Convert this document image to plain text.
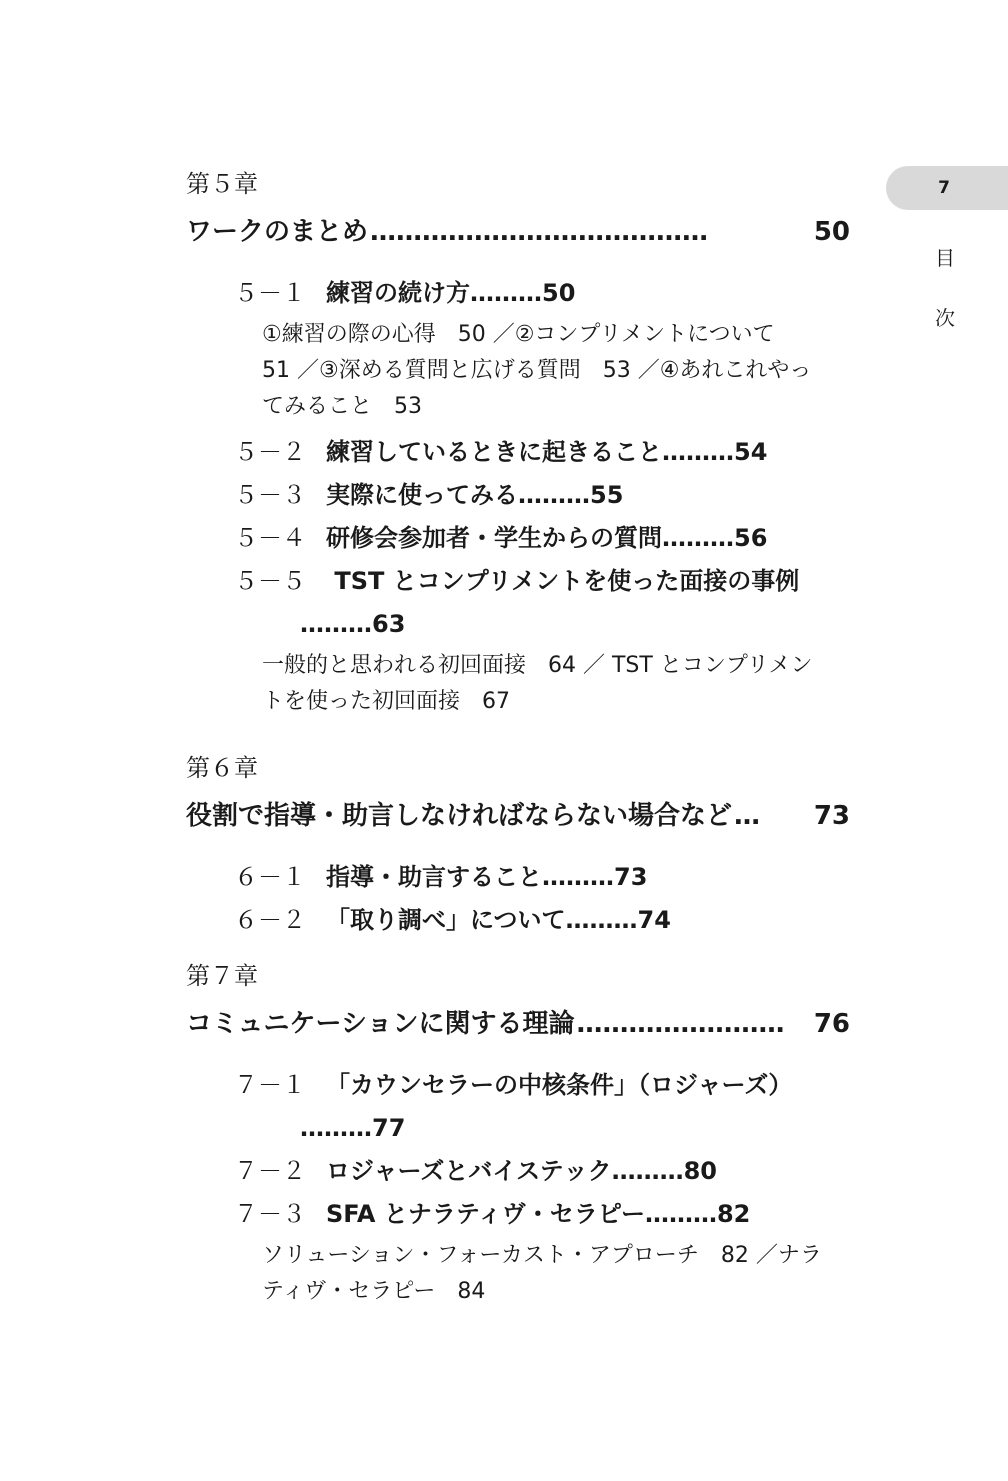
7
目
次
第５章
ワークのまとめ …………………………………	50
５－１ 練習の続け方………50
①練習の際の心得　50 ／②コンプリメントについて
51 ／③深める質問と広げる質問　53 ／④あれこれやっ
てみること　53
５－２ 練習しているときに起きること………54
５－３ 実際に使ってみる………55
５－４ 研修会参加者・学生からの質問………56
５－５ TST とコンプリメントを使った面接の事例
………63
一般的と思われる初回面接　64 ／ TST とコンプリメン
トを使った初回面接　67
第６章
役割で指導・助言しなければならない場合など …	73
６－１ 指導・助言すること………73
６－２ 「取り調べ」について………74
第７章
コミュニケーションに関する理論 ……………………	76
７－１ 「カウンセラーの中核条件」（ロジャーズ）
………77
７－２ ロジャーズとバイステック………80
７－３ SFA とナラティヴ・セラピー………82
ソリューション・フォーカスト・アプローチ　82 ／ナラ
ティヴ・セラピー　84
